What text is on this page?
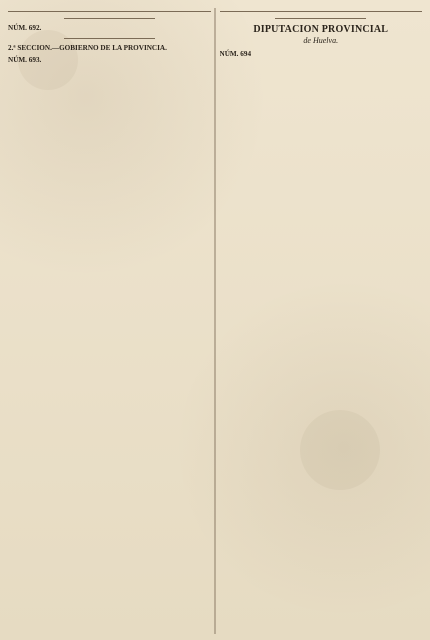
NÚM. 692.
2.ª SECCION.—GOBIERNO DE LA PROVINCIA.
NÚM. 693.
DIPUTACION PROVINCIAL
de Huelva.
NÚM. 694
